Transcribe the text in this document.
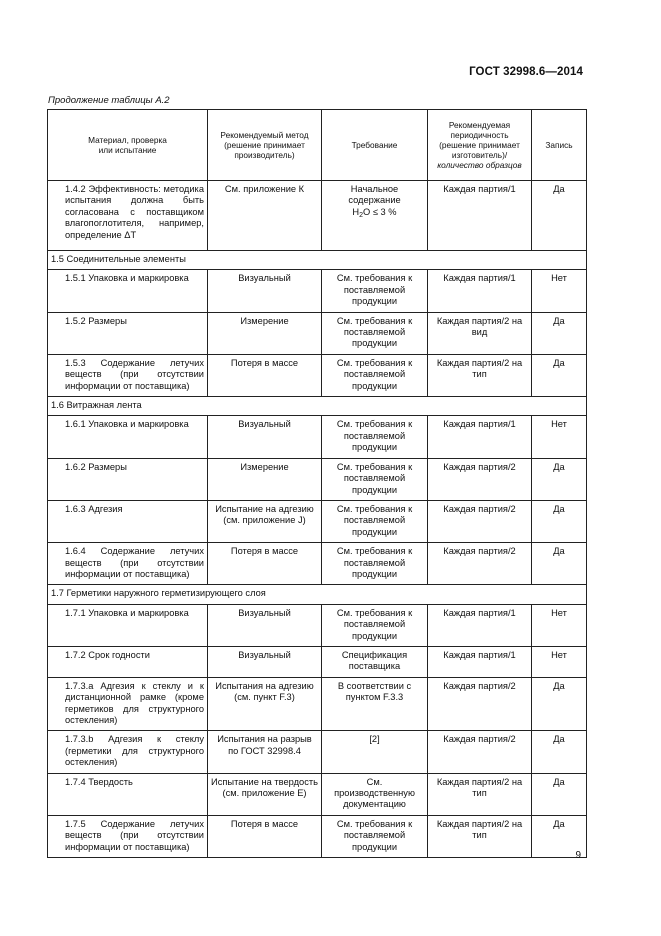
ГОСТ 32998.6—2014
Продолжение таблицы А.2
Материал, проверка
или испытание	Рекомендуемый метод
(решение принимает
производитель)	Требование	Рекомендуемая
периодичность
(решение принимает
изготовитель)/
количество образцов	Запись

1.4.2 Эффективность: методика испытания должна быть согласована с поставщиком влагопоглотителя, например, определение ΔT	См. приложение К	Начальное
содержание
$H_2O \le 3$ %	Каждая партия/1	Да
1.5 Соединительные элементы				

1.5.1 Упаковка и маркировка	Визуальный	См. требования к поставляемой продукции	Каждая партия/1	Нет

1.5.2 Размеры	Измерение	См. требования к поставляемой продукции	Каждая партия/2 на вид	Да

1.5.3 Содержание летучих веществ (при отсутствии информации от поставщика)	Потеря в массе	См. требования к поставляемой продукции	Каждая партия/2 на тип	Да
1.6 Витражная лента				

1.6.1 Упаковка и маркировка	Визуальный	См. требования к поставляемой продукции	Каждая партия/1	Нет

1.6.2 Размеры	Измерение	См. требования к поставляемой продукции	Каждая партия/2	Да

1.6.3 Адгезия	Испытание на адгезию (см. приложение J)	См. требования к поставляемой продукции	Каждая партия/2	Да

1.6.4 Содержание летучих веществ (при отсутствии информации от поставщика)	Потеря в массе	См. требования к поставляемой продукции	Каждая партия/2	Да
1.7 Герметики наружного герметизирующего слоя				

1.7.1 Упаковка и маркировка	Визуальный	См. требования к поставляемой продукции	Каждая партия/1	Нет

1.7.2 Срок годности	Визуальный	Спецификация поставщика	Каждая партия/1	Нет

1.7.3.a Адгезия к стеклу и к дистанционной рамке (кроме герметиков для структурного остекления)	Испытания на адгезию (см. пункт F.3)	В соответствии с пунктом F.3.3	Каждая партия/2	Да

1.7.3.b Адгезия к стеклу (герметики для структурного остекления)	Испытания на разрыв по ГОСТ 32998.4	[2]	Каждая партия/2	Да

1.7.4 Твердость	Испытание на твердость (см. приложение Е)	См. производственную документацию	Каждая партия/2 на тип	Да

1.7.5 Содержание летучих веществ (при отсутствии информации от поставщика)	Потеря в массе	См. требования к поставляемой продукции	Каждая партия/2 на тип	Да
9
